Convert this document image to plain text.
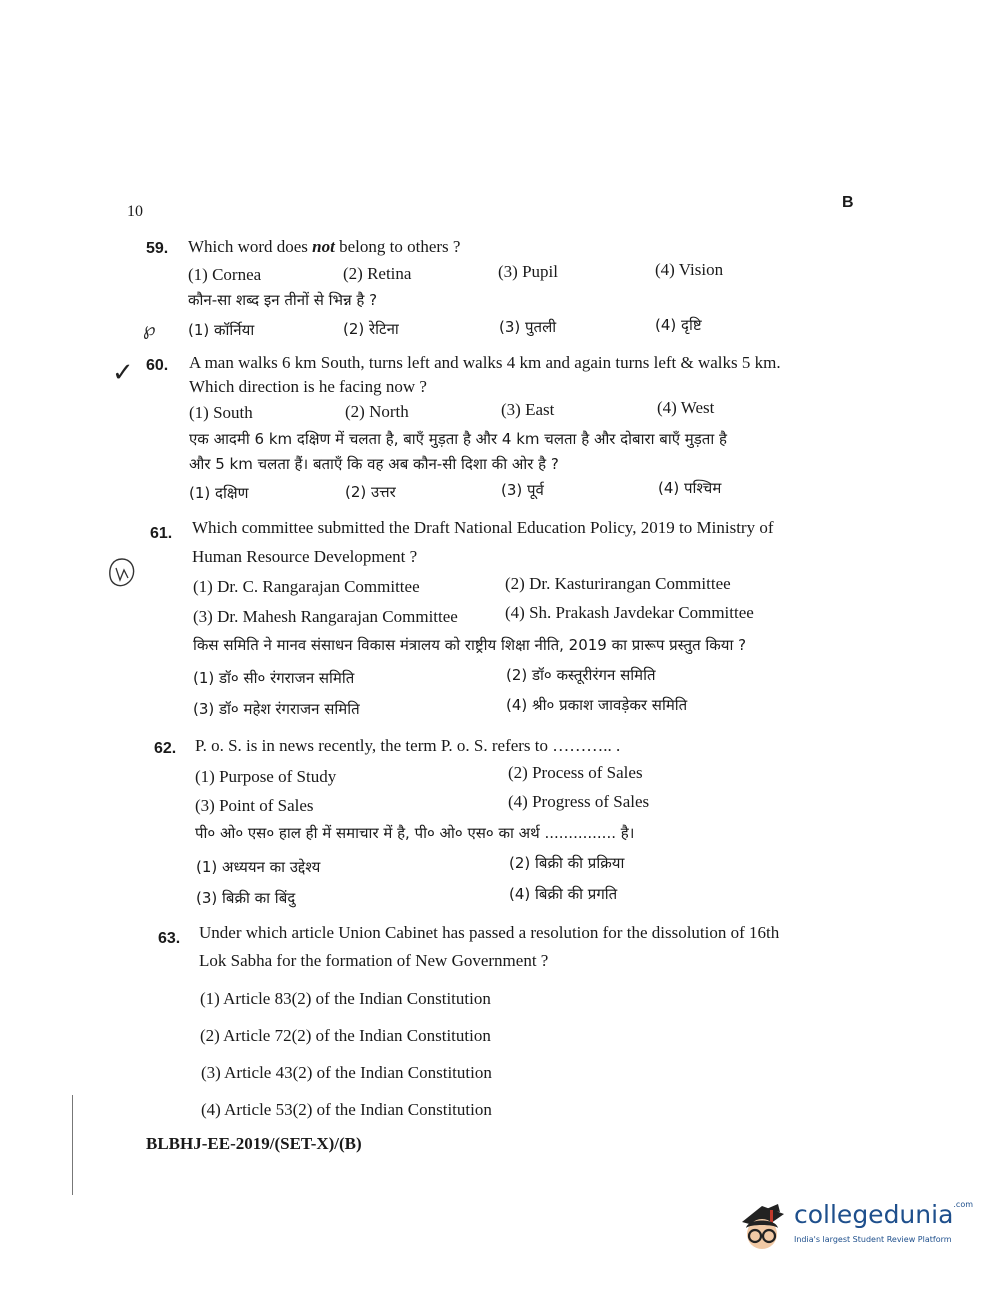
10
B
59. Which word does not belong to others ?
(1) Cornea	(2) Retina	(3) Pupil	(4) Vision
कौन-सा शब्द इन तीनों से भिन्न है ?
℘ (1) कॉर्निया	(2) रेटिना	(3) पुतली	(4) दृष्टि
✓ 60. A man walks 6 km South, turns left and walks 4 km and again turns left & walks 5 km.
Which direction is he facing now ?
(1) South	(2) North	(3) East	(4) West
एक आदमी 6 km दक्षिण में चलता है, बाएँ मुड़ता है और 4 km चलता है और दोबारा बाएँ मुड़ता है
और 5 km चलता हैं। बताएँ कि वह अब कौन-सी दिशा की ओर है ?
(1) दक्षिण	(2) उत्तर	(3) पूर्व	(4) पश्चिम
61. Which committee submitted the Draft National Education Policy, 2019 to Ministry of
Human Resource Development ?
(1) Dr. C. Rangarajan Committee	(2) Dr. Kasturirangan Committee
(3) Dr. Mahesh Rangarajan Committee	(4) Sh. Prakash Javdekar Committee
किस समिति ने मानव संसाधन विकास मंत्रालय को राष्ट्रीय शिक्षा नीति, 2019 का प्रारूप प्रस्तुत किया ?
(1) डॉ० सी० रंगराजन समिति	(2) डॉ० कस्तूरीरंगन समिति
(3) डॉ० महेश रंगराजन समिति	(4) श्री० प्रकाश जावड़ेकर समिति
62. P. o. S. is in news recently, the term P. o. S. refers to ……….. .
(1) Purpose of Study	(2) Process of Sales
(3) Point of Sales	(4) Progress of Sales
पी० ओ० एस० हाल ही में समाचार में है, पी० ओ० एस० का अर्थ ............... है।
(1) अध्ययन का उद्देश्य	(2) बिक्री की प्रक्रिया
(3) बिक्री का बिंदु	(4) बिक्री की प्रगति
63. Under which article Union Cabinet has passed a resolution for the dissolution of 16th
Lok Sabha for the formation of New Government ?
(1) Article 83(2) of the Indian Constitution
(2) Article 72(2) of the Indian Constitution
(3) Article 43(2) of the Indian Constitution
(4) Article 53(2) of the Indian Constitution
BLBHJ-EE-2019/(SET-X)/(B)
collegedunia$^{.com}$
India's largest Student Review Platform
